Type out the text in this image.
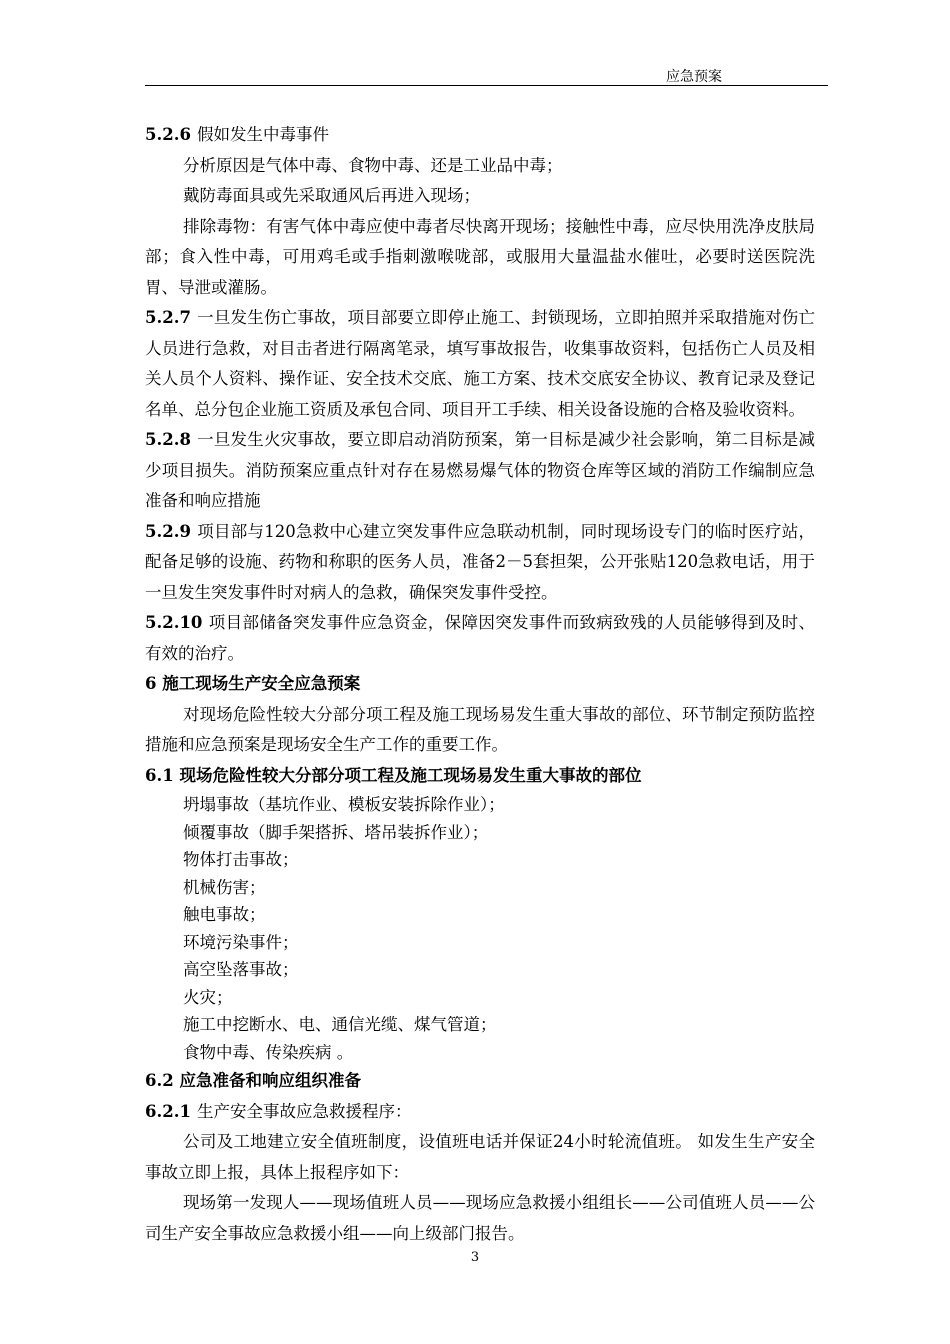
应急预案

5.2.6 假如发生中毒事件

分析原因是气体中毒、食物中毒、还是工业品中毒；

戴防毒面具或先采取通风后再进入现场；

排除毒物：有害气体中毒应使中毒者尽快离开现场；接触性中毒，应尽快用洗净皮肤局部；食入性中毒，可用鸡毛或手指刺激喉咙部，或服用大量温盐水催吐，必要时送医院洗胃、导泄或灌肠。

5.2.7 一旦发生伤亡事故，项目部要立即停止施工、封锁现场，立即拍照并采取措施对伤亡人员进行急救，对目击者进行隔离笔录，填写事故报告，收集事故资料，包括伤亡人员及相关人员个人资料、操作证、安全技术交底、施工方案、技术交底安全协议、教育记录及登记名单、总分包企业施工资质及承包合同、项目开工手续、相关设备设施的合格及验收资料。

5.2.8 一旦发生火灾事故，要立即启动消防预案，第一目标是减少社会影响，第二目标是减少项目损失。消防预案应重点针对存在易燃易爆气体的物资仓库等区域的消防工作编制应急准备和响应措施

5.2.9 项目部与120急救中心建立突发事件应急联动机制，同时现场设专门的临时医疗站，配备足够的设施、药物和称职的医务人员，准备2－5套担架，公开张贴120急救电话，用于一旦发生突发事件时对病人的急救，确保突发事件受控。

5.2.10 项目部储备突发事件应急资金，保障因突发事件而致病致残的人员能够得到及时、有效的治疗。

6 施工现场生产安全应急预案

对现场危险性较大分部分项工程及施工现场易发生重大事故的部位、环节制定预防监控措施和应急预案是现场安全生产工作的重要工作。

6.1 现场危险性较大分部分项工程及施工现场易发生重大事故的部位

坍塌事故（基坑作业、模板安装拆除作业）；

倾覆事故（脚手架搭拆、塔吊装拆作业）；

物体打击事故；

机械伤害；

触电事故；

环境污染事件；

高空坠落事故；

火灾；

施工中挖断水、电、通信光缆、煤气管道；

食物中毒、传染疾病 。

6.2 应急准备和响应组织准备

6.2.1 生产安全事故应急救援程序：

公司及工地建立安全值班制度，设值班电话并保证24小时轮流值班。 如发生生产安全事故立即上报，具体上报程序如下：

现场第一发现人——现场值班人员——现场应急救援小组组长——公司值班人员——公司生产安全事故应急救援小组——向上级部门报告。

3
